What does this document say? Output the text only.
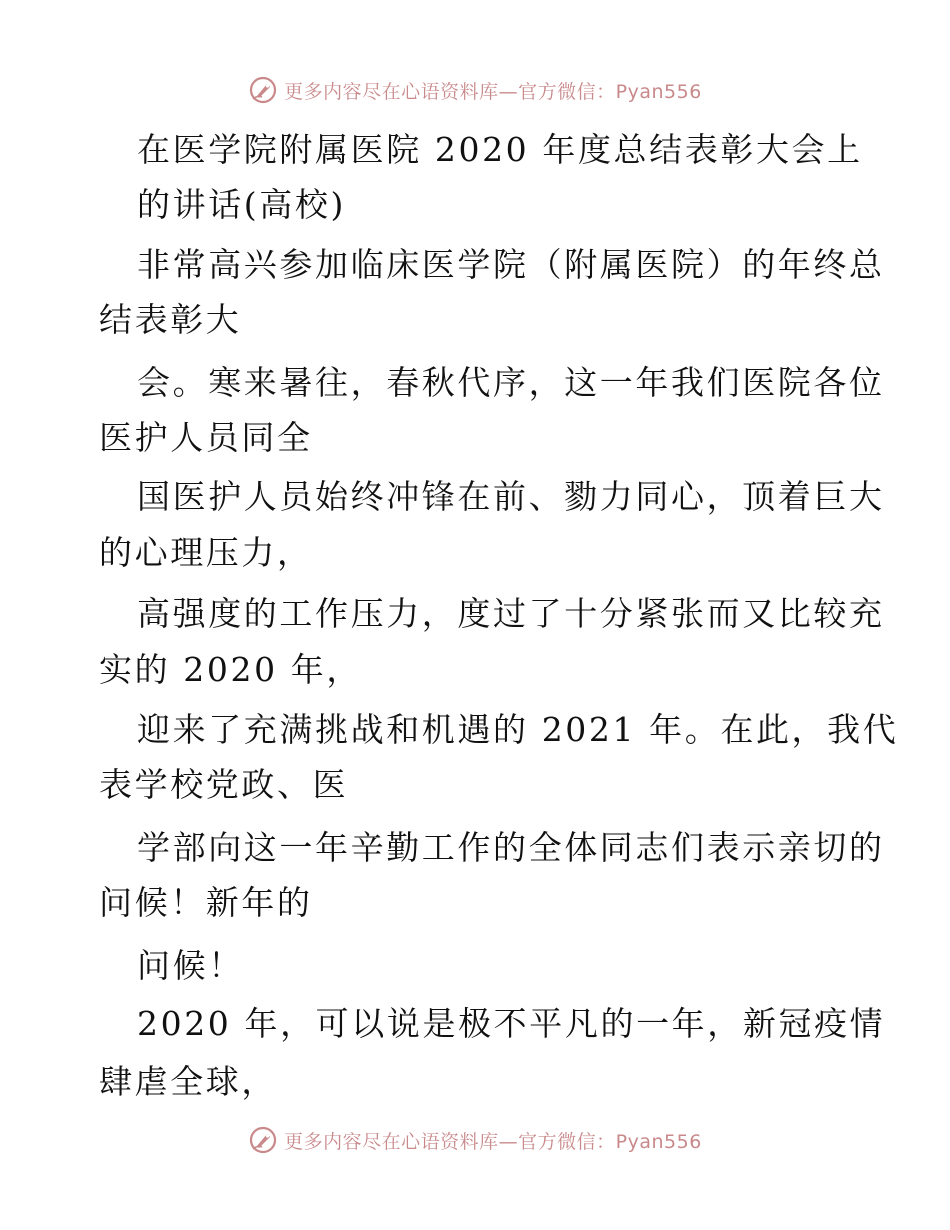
更多内容尽在心语资料库—官方微信：Pyan556
在医学院附属医院 2020 年度总结表彰大会上
的讲话(高校)
非常高兴参加临床医学院（附属医院）的年终总
结表彰大
会。寒来暑往，春秋代序，这一年我们医院各位
医护人员同全
国医护人员始终冲锋在前、勠力同心，顶着巨大
的心理压力，
高强度的工作压力，度过了十分紧张而又比较充
实的 2020 年，
迎来了充满挑战和机遇的 2021 年。在此，我代
表学校党政、医
学部向这一年辛勤工作的全体同志们表示亲切的
问候！新年的
问候！
2020 年，可以说是极不平凡的一年，新冠疫情
肆虐全球，
更多内容尽在心语资料库—官方微信：Pyan556
